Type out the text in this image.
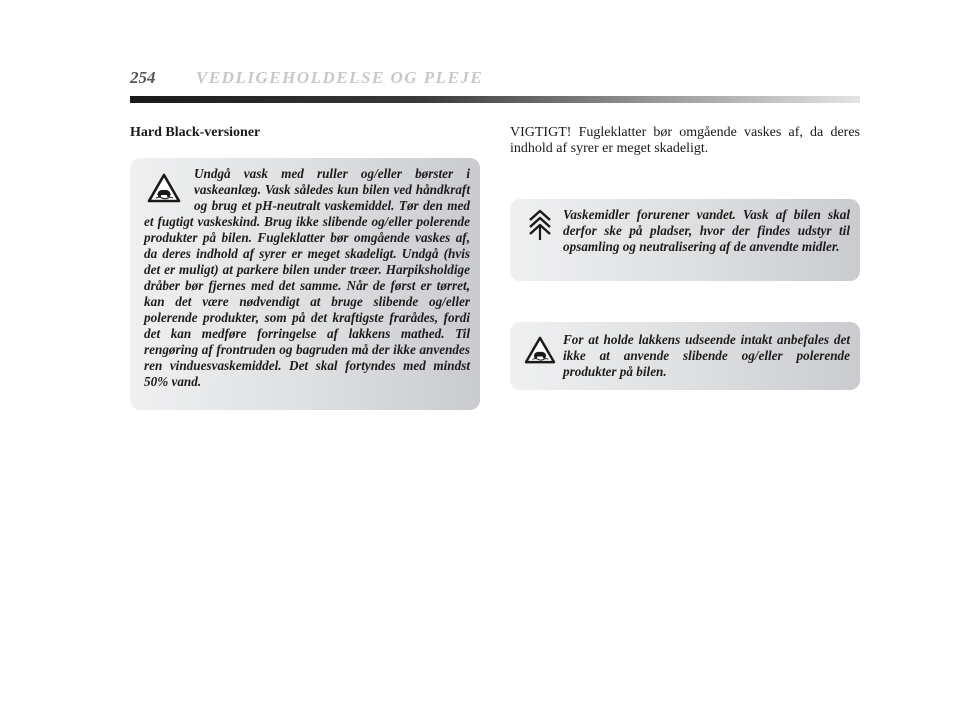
254 VEDLIGEHOLDELSE OG PLEJE
Hard Black-versioner
Undgå vask med ruller og/eller børster i vaskeanlæg. Vask således kun bilen ved håndkraft og brug et pH-neutralt vaskemiddel. Tør den med et fugtigt vaskeskind. Brug ikke slibende og/eller polerende produkter på bilen. Fugleklatter bør omgående vaskes af, da deres indhold af syrer er meget skadeligt. Undgå (hvis det er muligt) at parkere bilen under træer. Harpiksholdige dråber bør fjernes med det samme. Når de først er tørret, kan det være nødvendigt at bruge slibende og/eller polerende produkter, som på det kraftigste frarådes, fordi det kan medføre forringelse af lakkens mathed. Til rengøring af frontruden og bagruden må der ikke anvendes ren vinduesvaskemiddel. Det skal fortyndes med mindst 50% vand.
VIGTIGT! Fugleklatter bør omgående vaskes af, da deres indhold af syrer er meget skadeligt.
Vaskemidler forurener vandet. Vask af bilen skal derfor ske på pladser, hvor der findes udstyr til opsamling og neutralisering af de anvendte midler.
For at holde lakkens udseende intakt anbefales det ikke at anvende slibende og/eller polerende produkter på bilen.
